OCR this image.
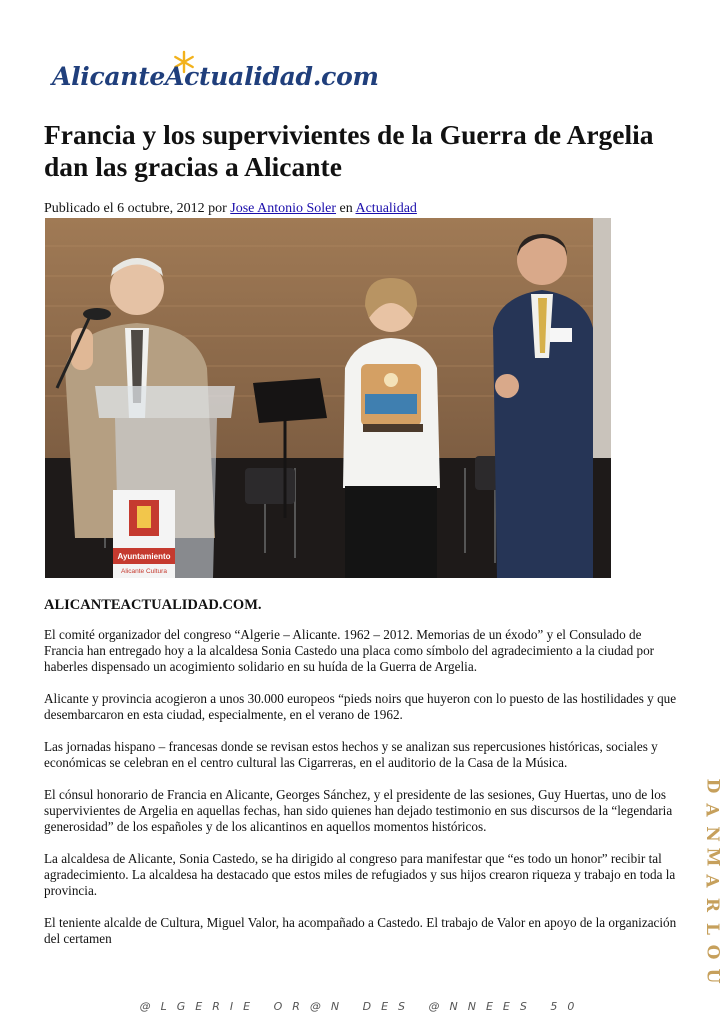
AlicanteActualidad.com
Francia y los supervivientes de la Guerra de Argelia dan las gracias a Alicante
Publicado el 6 octubre, 2012 por Jose Antonio Soler en Actualidad
Ayuntamiento
Alicante Cultura
ALICANTEACTUALIDAD.COM.

El comité organizador del congreso “Algerie – Alicante. 1962 – 2012. Memorias de un éxodo” y el Consulado de Francia han entregado hoy a la alcaldesa Sonia Castedo una placa como símbolo del agradecimiento a la ciudad por haberles dispensado un acogimiento solidario en su huída de la Guerra de Argelia.

Alicante y provincia acogieron a unos 30.000 europeos “pieds noirs que huyeron con lo puesto de las hostilidades y que desembarcaron en esta ciudad, especialmente, en el verano de 1962.

Las jornadas hispano – francesas donde se revisan estos hechos y se analizan sus repercusiones históricas, sociales y económicas se celebran en el centro cultural las Cigarreras, en el auditorio de la Casa de la Música.

El cónsul honorario de Francia en Alicante, Georges Sánchez, y el presidente de las sesiones, Guy Huertas, uno de los supervivientes de Argelia en aquellas fechas, han sido quienes han dejado testimonio en sus discursos de la “legendaria generosidad” de los españoles y de los alicantinos en aquellos momentos históricos.

La alcaldesa de Alicante, Sonia Castedo, se ha dirigido al congreso para manifestar que “es todo un honor” recibir tal agradecimiento. La alcaldesa ha destacado que estos miles de refugiados y sus hijos crearon riqueza y trabajo en toda la provincia.

El teniente alcalde de Cultura, Miguel Valor, ha acompañado a Castedo. El trabajo de Valor en apoyo de la organización del certamen

D
A
N
M
A
R
L
O
U
@LGERIE OR@N DES @NNEES 50
